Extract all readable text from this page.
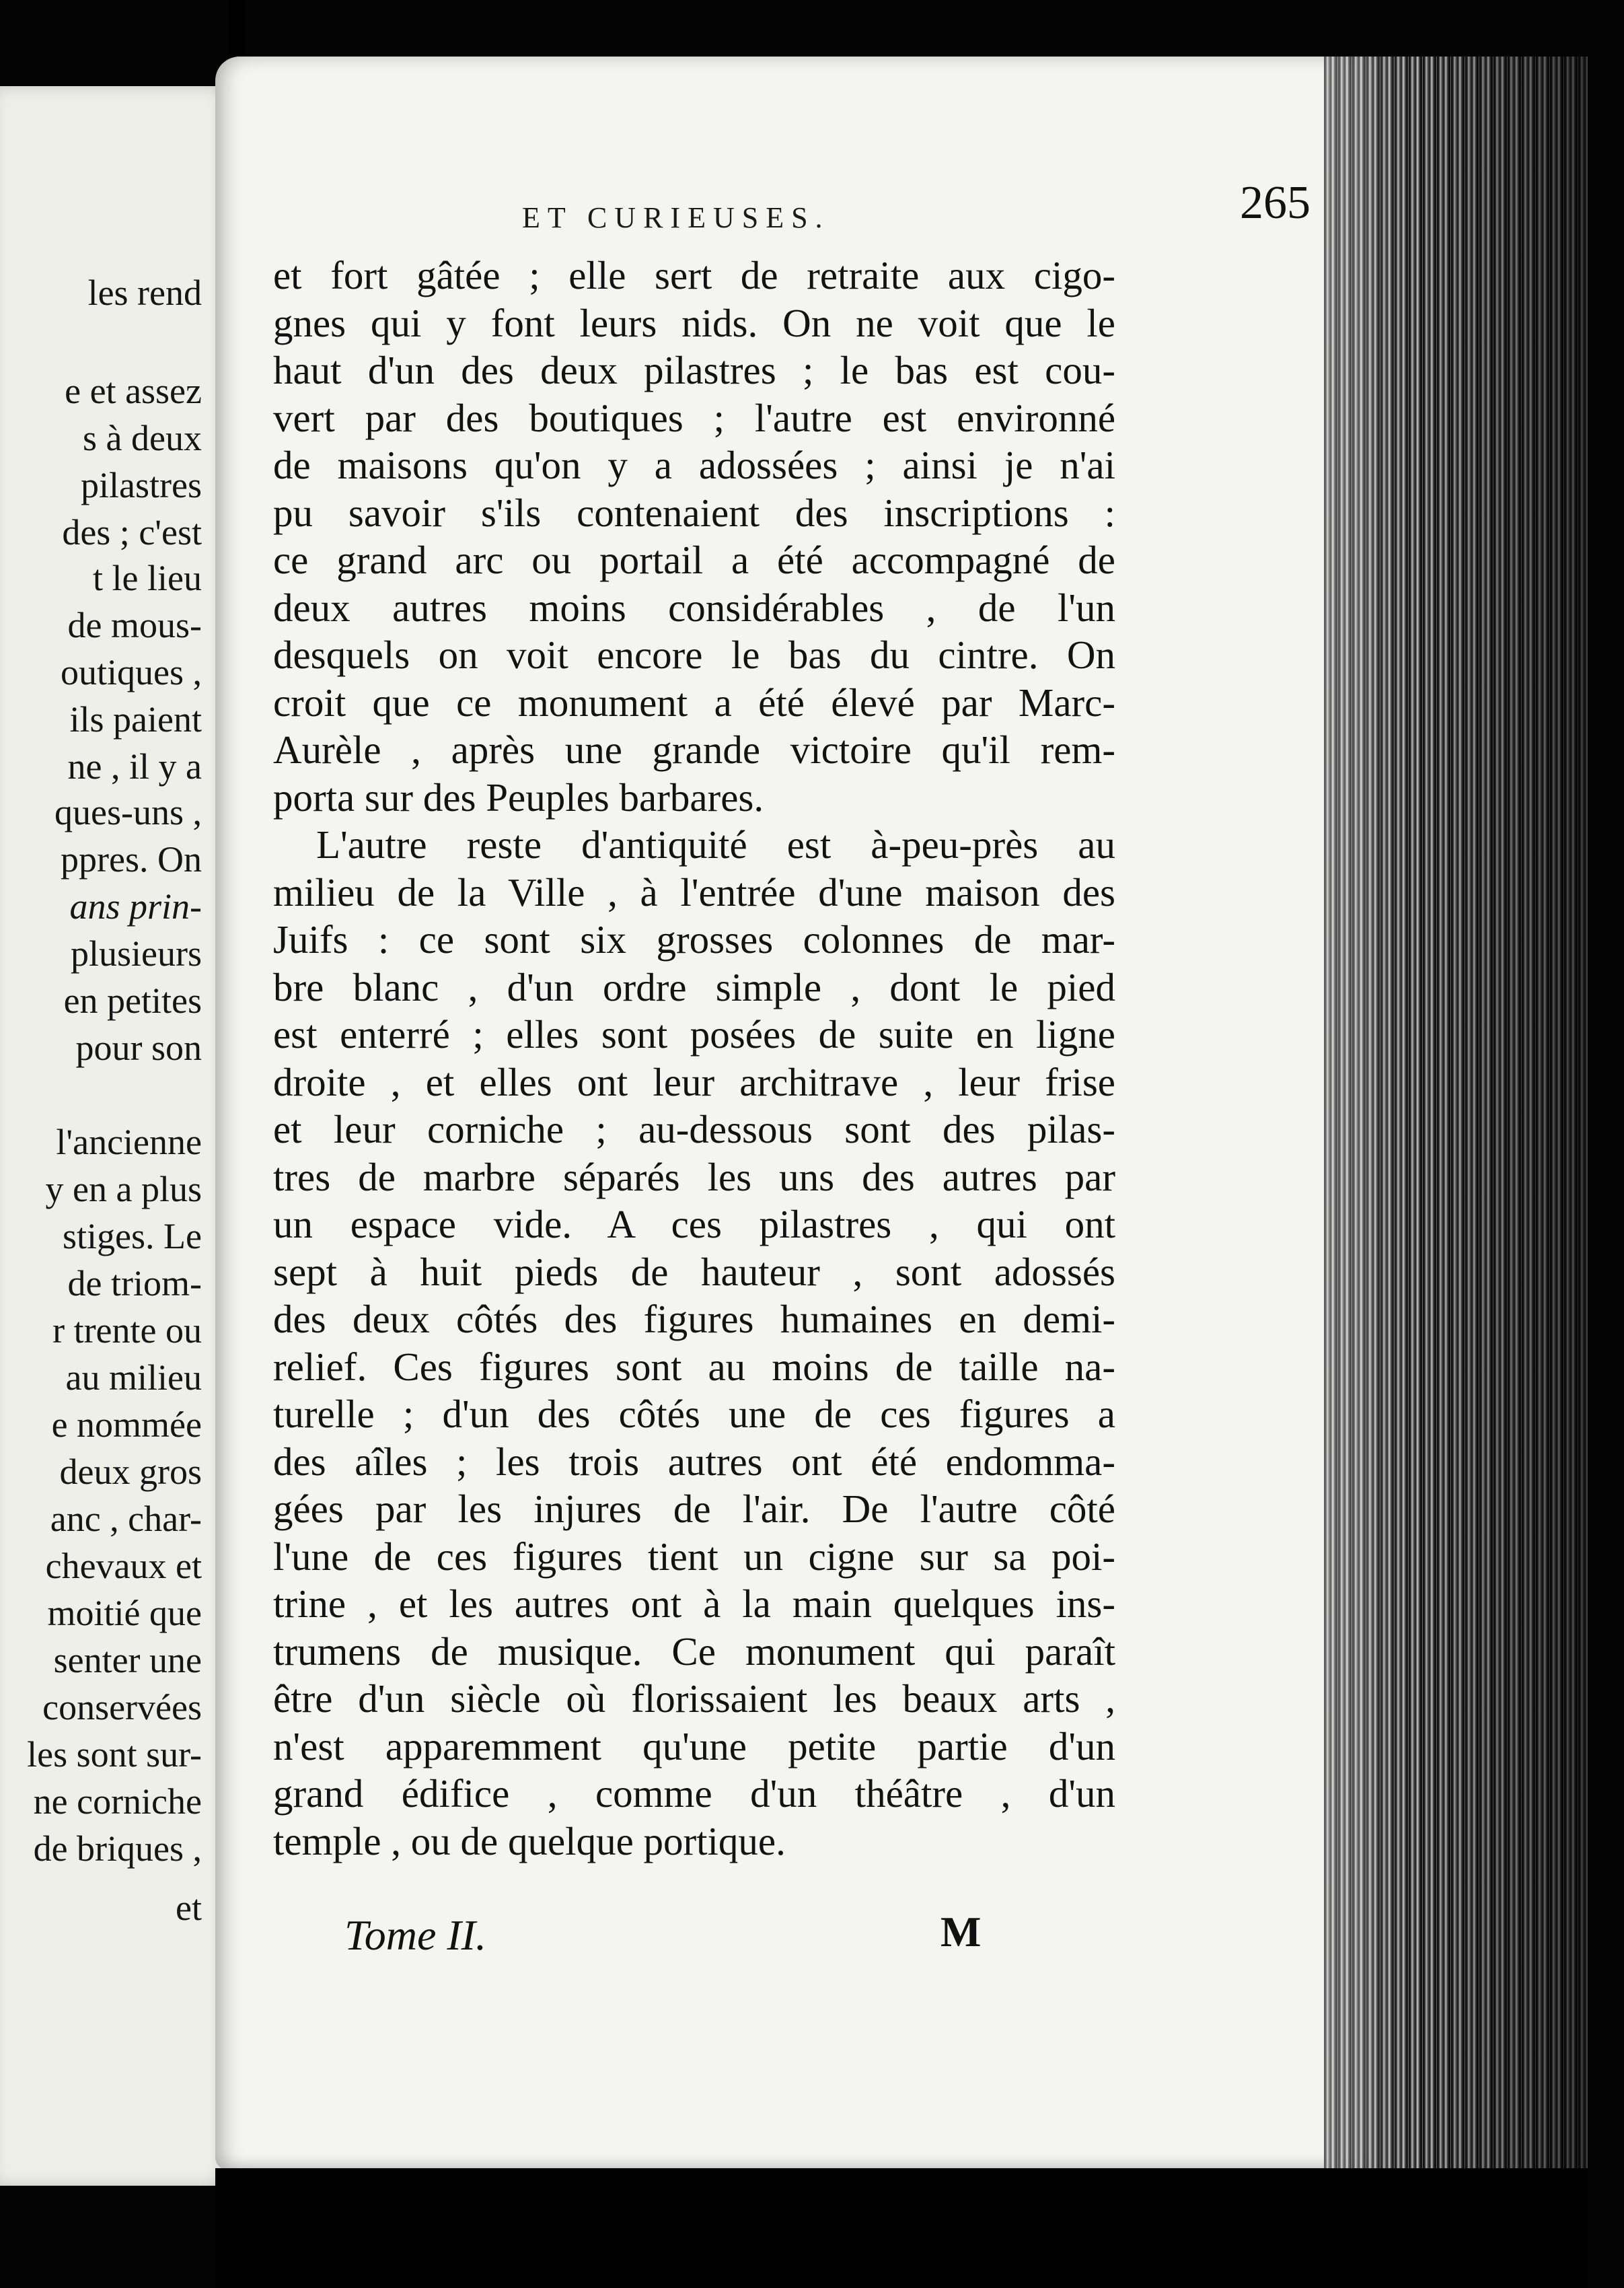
les rend
e et assez
s à deux
pilastres
des ; c'est
t le lieu
de mous-
outiques ,
ils paient
ne , il y a
ques-uns ,
ppres. On
ans prin-
plusieurs
en petites
pour son
l'ancienne
y en a plus
stiges. Le
de triom-
r trente ou
au milieu
e nommée
deux gros
anc , char-
chevaux et
moitié que
senter une
conservées
les sont sur-
ne corniche
de briques ,
et
ET CURIEUSES.	265
et fort gâtée ; elle sert de retraite aux cigo-
gnes qui y font leurs nids. On ne voit que le
haut d'un des deux pilastres ; le bas est cou-
vert par des boutiques ; l'autre est environné
de maisons qu'on y a adossées ; ainsi je n'ai
pu savoir s'ils contenaient des inscriptions :
ce grand arc ou portail a été accompagné de
deux autres moins considérables , de l'un
desquels on voit encore le bas du cintre. On
croit que ce monument a été élevé par Marc-
Aurèle , après une grande victoire qu'il rem-
porta sur des Peuples barbares.
L'autre reste d'antiquité est à-peu-près au
milieu de la Ville , à l'entrée d'une maison des
Juifs : ce sont six grosses colonnes de mar-
bre blanc , d'un ordre simple , dont le pied
est enterré ; elles sont posées de suite en ligne
droite , et elles ont leur architrave , leur frise
et leur corniche ; au-dessous sont des pilas-
tres de marbre séparés les uns des autres par
un espace vide. A ces pilastres , qui ont
sept à huit pieds de hauteur , sont adossés
des deux côtés des figures humaines en demi-
relief. Ces figures sont au moins de taille na-
turelle ; d'un des côtés une de ces figures a
des aîles ; les trois autres ont été endomma-
gées par les injures de l'air. De l'autre côté
l'une de ces figures tient un cigne sur sa poi-
trine , et les autres ont à la main quelques ins-
trumens de musique. Ce monument qui paraît
être d'un siècle où florissaient les beaux arts ,
n'est apparemment qu'une petite partie d'un
grand édifice , comme d'un théâtre , d'un
temple , ou de quelque portique.
Tome II.	M
